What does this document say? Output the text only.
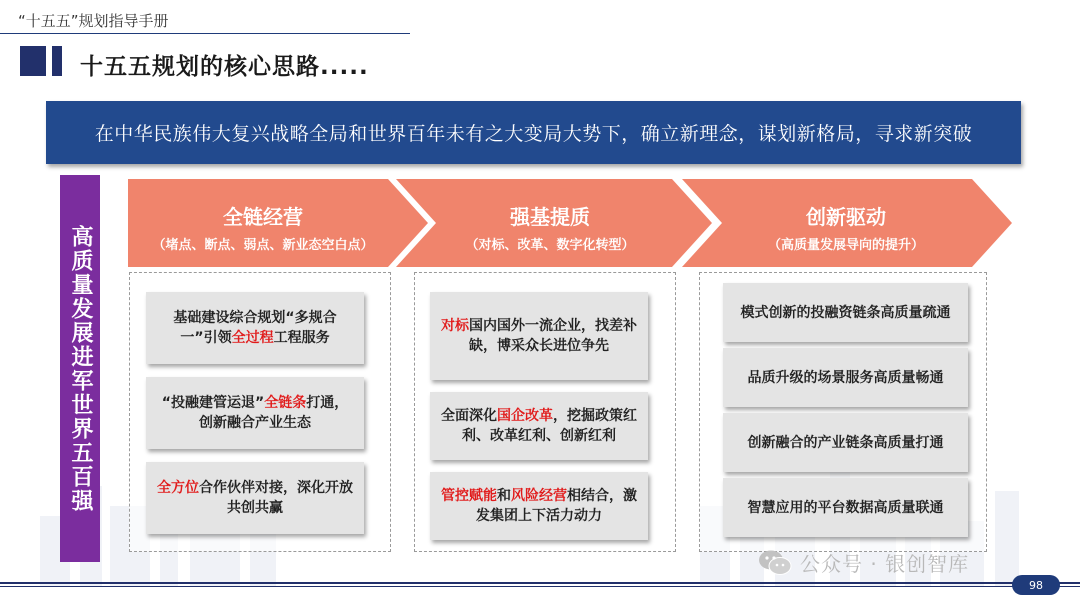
“十五五”规划指导手册
十五五规划的核心思路.....
在中华民族伟大复兴战略全局和世界百年未有之大变局大势下，确立新理念，谋划新格局，寻求新突破
高质量发展进军世界五百强
全链经营
（堵点、断点、弱点、新业态空白点）
强基提质
（对标、改革、数字化转型）
创新驱动
（高质量发展导向的提升）
基础建设综合规划“多规合一”引领全过程工程服务
“投融建管运退”全链条打通，创新融合产业生态
全方位合作伙伴对接，深化开放共创共赢
对标国内国外一流企业，找差补缺，博采众长进位争先
全面深化国企改革，挖掘政策红利、改革红利、创新红利
管控赋能和风险经营相结合，激发集团上下活力动力
模式创新的投融资链条高质量疏通
品质升级的场景服务高质量畅通
创新融合的产业链条高质量打通
智慧应用的平台数据高质量联通
公众号 · 银创智库
98
